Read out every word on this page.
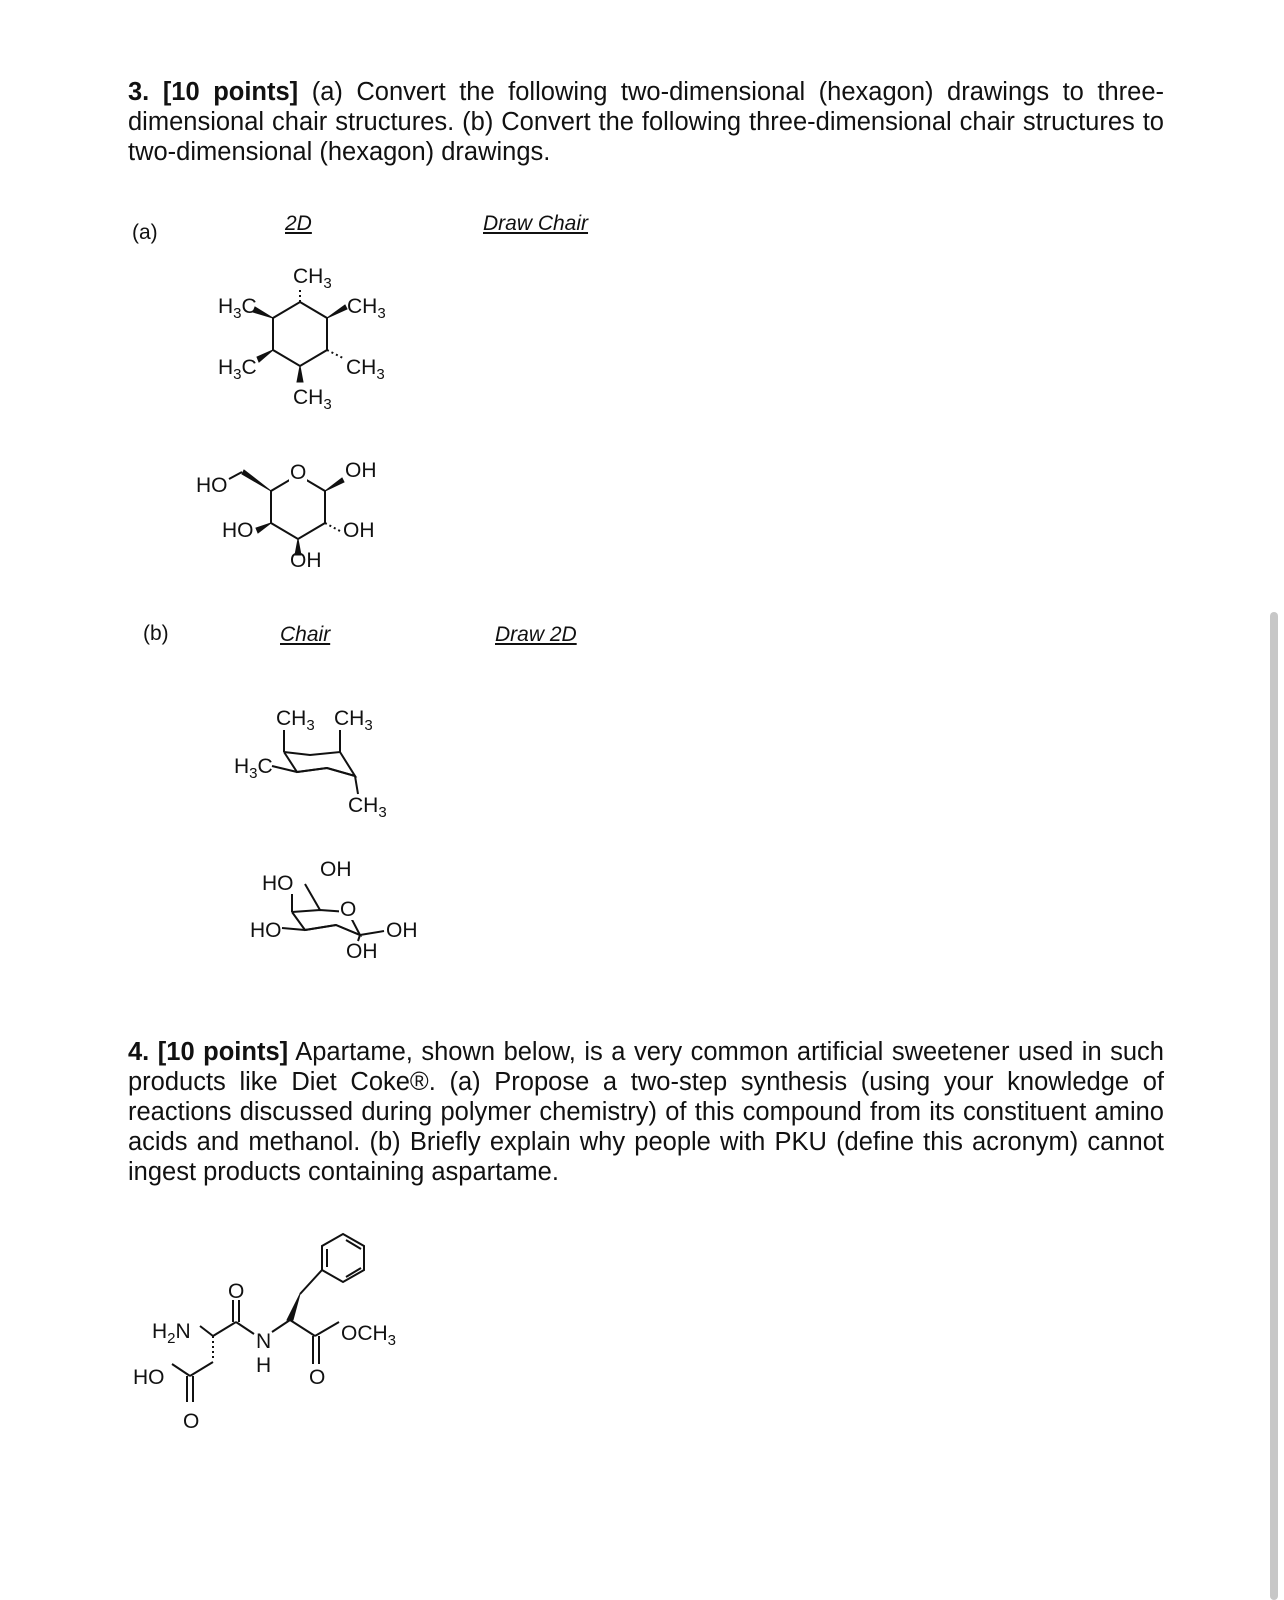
3. [10 points] (a) Convert the following two-dimensional (hexagon) drawings to three-dimensional chair structures. (b) Convert the following three-dimensional chair structures to two-dimensional (hexagon) drawings.
(a)	2D	Draw Chair
$CH_3$
$H_3C$	$CH_3$
$H_3C$	$CH_3$
$CH_3$
O
HO
OH
HO	OH
OH
(b)	Chair	Draw 2D
$CH_3$ $CH_3$
$H_3C$
$CH_3$
OH
HO
O
HO	OH
OH
4. [10 points] Apartame, shown below, is a very common artificial sweetener used in such products like Diet Coke®. (a) Propose a two-step synthesis (using your knowledge of reactions discussed during polymer chemistry) of this compound from its constituent amino acids and methanol. (b) Briefly explain why people with PKU (define this acronym) cannot ingest products containing aspartame.
$H_2N$
O
N
H
$OCH_3$
O
HO
O
